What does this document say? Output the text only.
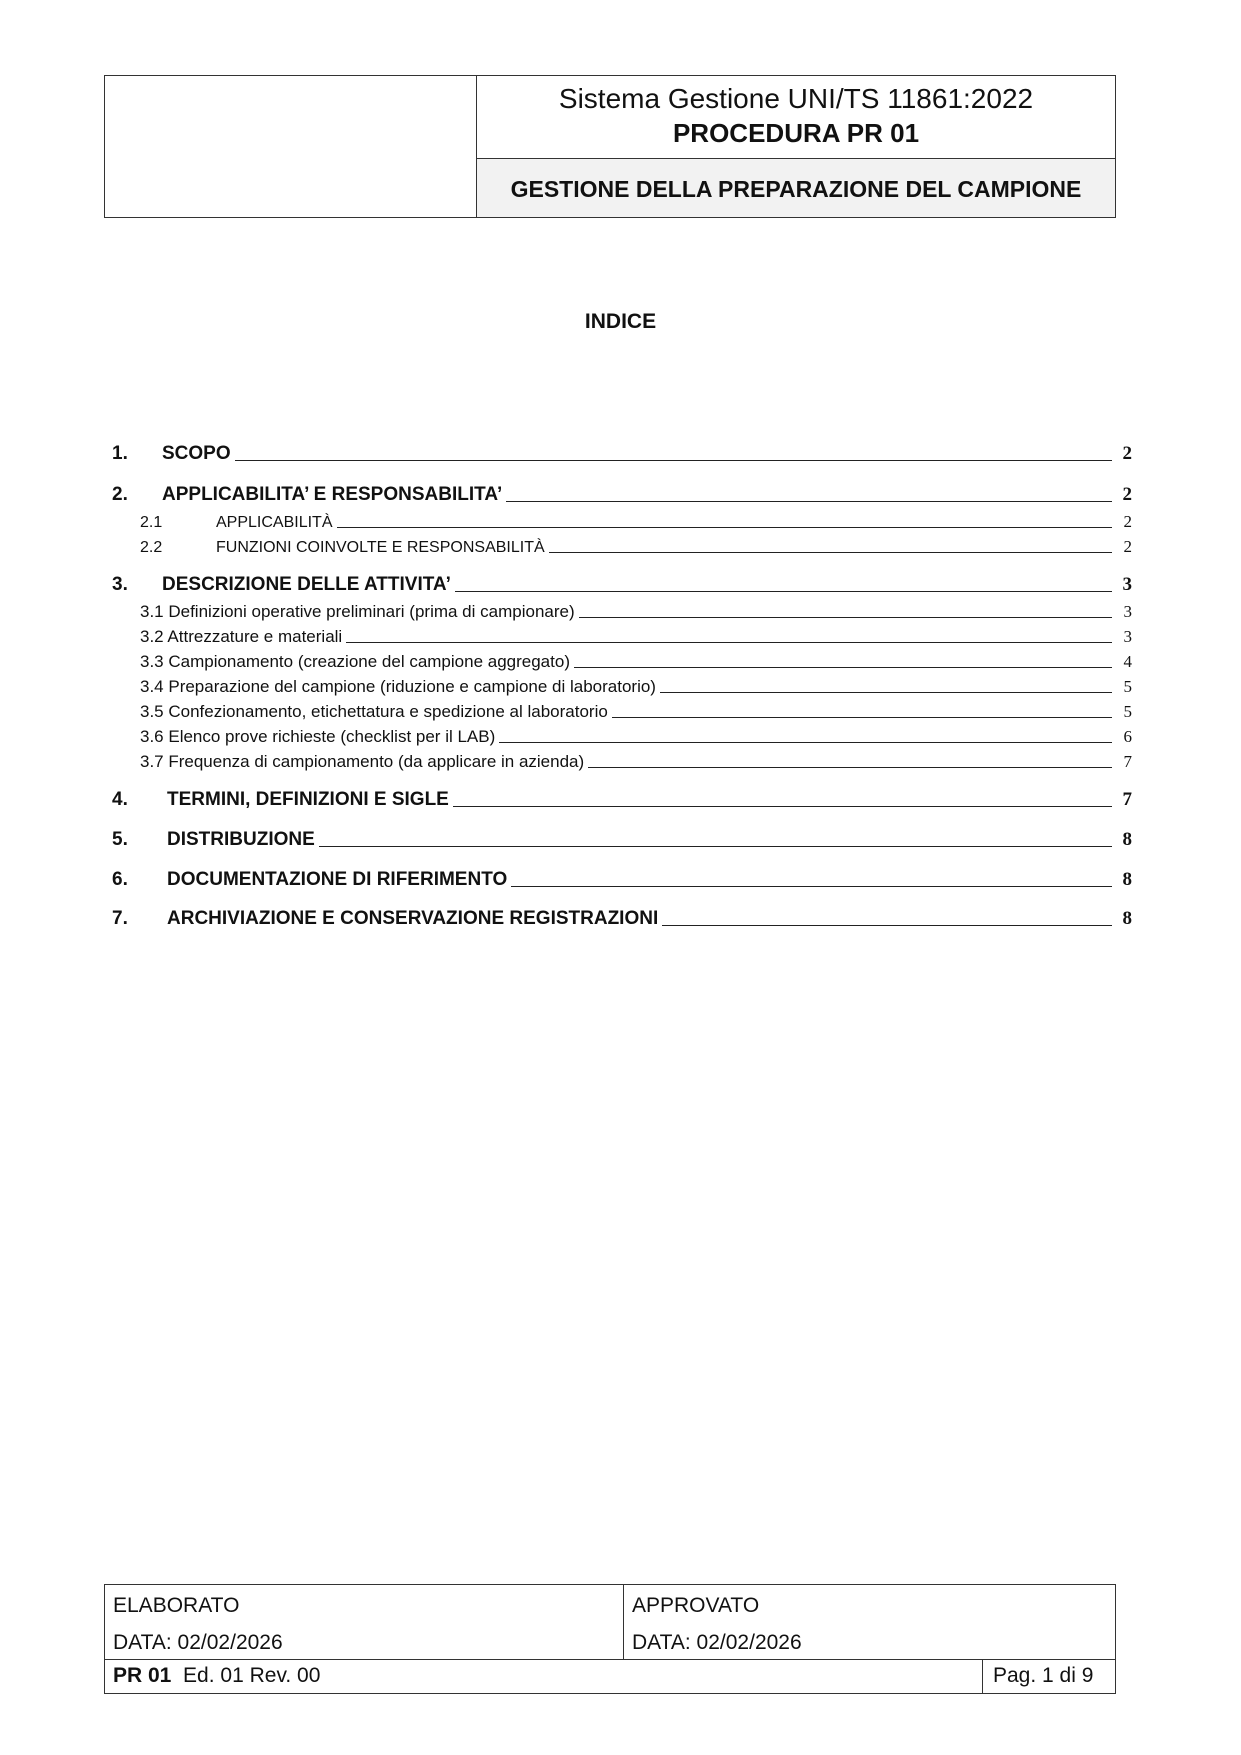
Sistema Gestione UNI/TS 11861:2022
PROCEDURA PR 01
GESTIONE DELLA PREPARAZIONE DEL CAMPIONE
INDICE
1.	SCOPO	2
2.	APPLICABILITA’ E RESPONSABILITA’	2
2.1	APPLICABILITÀ	2
2.2	FUNZIONI COINVOLTE E RESPONSABILITÀ	2
3.	DESCRIZIONE DELLE ATTIVITA’	3
3.1 Definizioni operative preliminari (prima di campionare)	3
3.2 Attrezzature e materiali	3
3.3 Campionamento (creazione del campione aggregato)	4
3.4 Preparazione del campione (riduzione e campione di laboratorio)	5
3.5 Confezionamento, etichettatura e spedizione al laboratorio	5
3.6 Elenco prove richieste (checklist per il LAB)	6
3.7 Frequenza di campionamento (da applicare in azienda)	7
4.	TERMINI, DEFINIZIONI E SIGLE	7
5.	DISTRIBUZIONE	8
6.	DOCUMENTAZIONE DI RIFERIMENTO	8
7.	ARCHIVIAZIONE E CONSERVAZIONE REGISTRAZIONI	8
ELABORATO
DATA: 02/02/2026
APPROVATO
DATA: 02/02/2026
PR 01 Ed. 01 Rev. 00	Pag. 1 di 9
